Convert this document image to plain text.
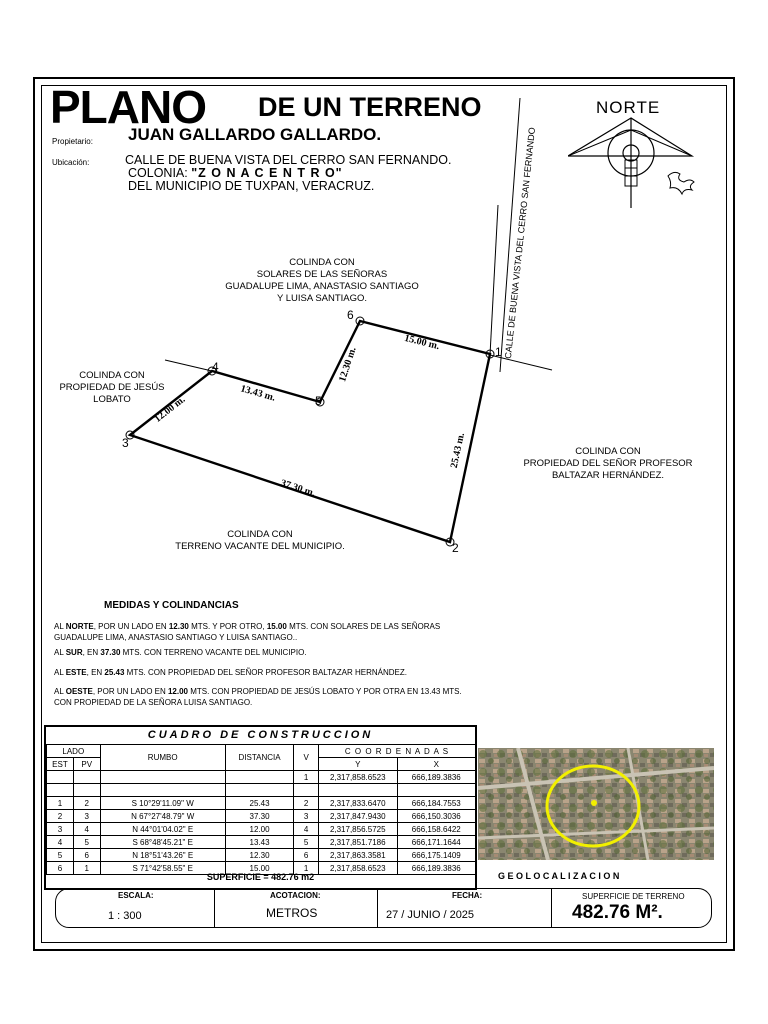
PLANO DE UN TERRENO
Propietario: JUAN GALLARDO GALLARDO.
Ubicación:	CALLE DE BUENA VISTA DEL CERRO SAN FERNANDO.
COLONIA: "Z O N A C E N T R O"
DEL MUNICIPIO DE TUXPAN, VERACRUZ.
NORTE
CALLE DE BUENA VISTA DEL CERRO SAN FERNANDO
1
2
3
4
5
6
25.43 m.
37.30 m.
12.00 m.
13.43 m.
12.30 m.
15.00 m.
COLINDA CON
SOLARES DE LAS SEÑORAS
GUADALUPE LIMA, ANASTASIO SANTIAGO
Y LUISA SANTIAGO.
COLINDA CON
PROPIEDAD DE JESÚS
LOBATO
COLINDA CON
PROPIEDAD DEL SEÑOR PROFESOR
BALTAZAR HERNÁNDEZ.
COLINDA CON
TERRENO VACANTE DEL MUNICIPIO.
MEDIDAS Y COLINDANCIAS
AL NORTE, POR UN LADO EN 12.30 MTS. Y POR OTRO, 15.00 MTS. CON SOLARES DE LAS SEÑORAS GUADALUPE LIMA, ANASTASIO SANTIAGO Y LUISA SANTIAGO..
AL SUR, EN 37.30 MTS. CON TERRENO VACANTE DEL MUNICIPIO.
AL ESTE, EN 25.43 MTS. CON PROPIEDAD DEL SEÑOR PROFESOR BALTAZAR HERNÁNDEZ.
AL OESTE, POR UN LADO EN 12.00 MTS. CON PROPIEDAD DE JESÚS LOBATO Y POR OTRA EN 13.43 MTS. CON PROPIEDAD DE LA SEÑORA LUISA SANTIAGO.
CUADRO DE CONSTRUCCION
LADO		RUMBO	DISTANCIA	V	C O O R D E N A D A S	
EST	PV				Y	X
				1	2,317,858.6523	666,189.3836

1	2	S 10°29'11.09" W	25.43	2	2,317,833.6470	666,184.7553
2	3	N 67°27'48.79" W	37.30	3	2,317,847.9430	666,150.3036
3	4	N 44°01'04.02" E	12.00	4	2,317,856.5725	666,158.6422
4	5	S 68°48'45.21" E	13.43	5	2,317,851.7186	666,171.1644
5	6	N 18°51'43.26" E	12.30	6	2,317,863.3581	666,175.1409
6	1	S 71°42'58.55" E	15.00	1	2,317,858.6523	666,189.3836
SUPERFICIE = 482.76 m2	G E O L O C A L I Z A C I O N
ESCALA:
1 : 300
ACOTACION:
METROS
FECHA:
27 / JUNIO / 2025
SUPERFICIE DE TERRENO
482.76 M².
